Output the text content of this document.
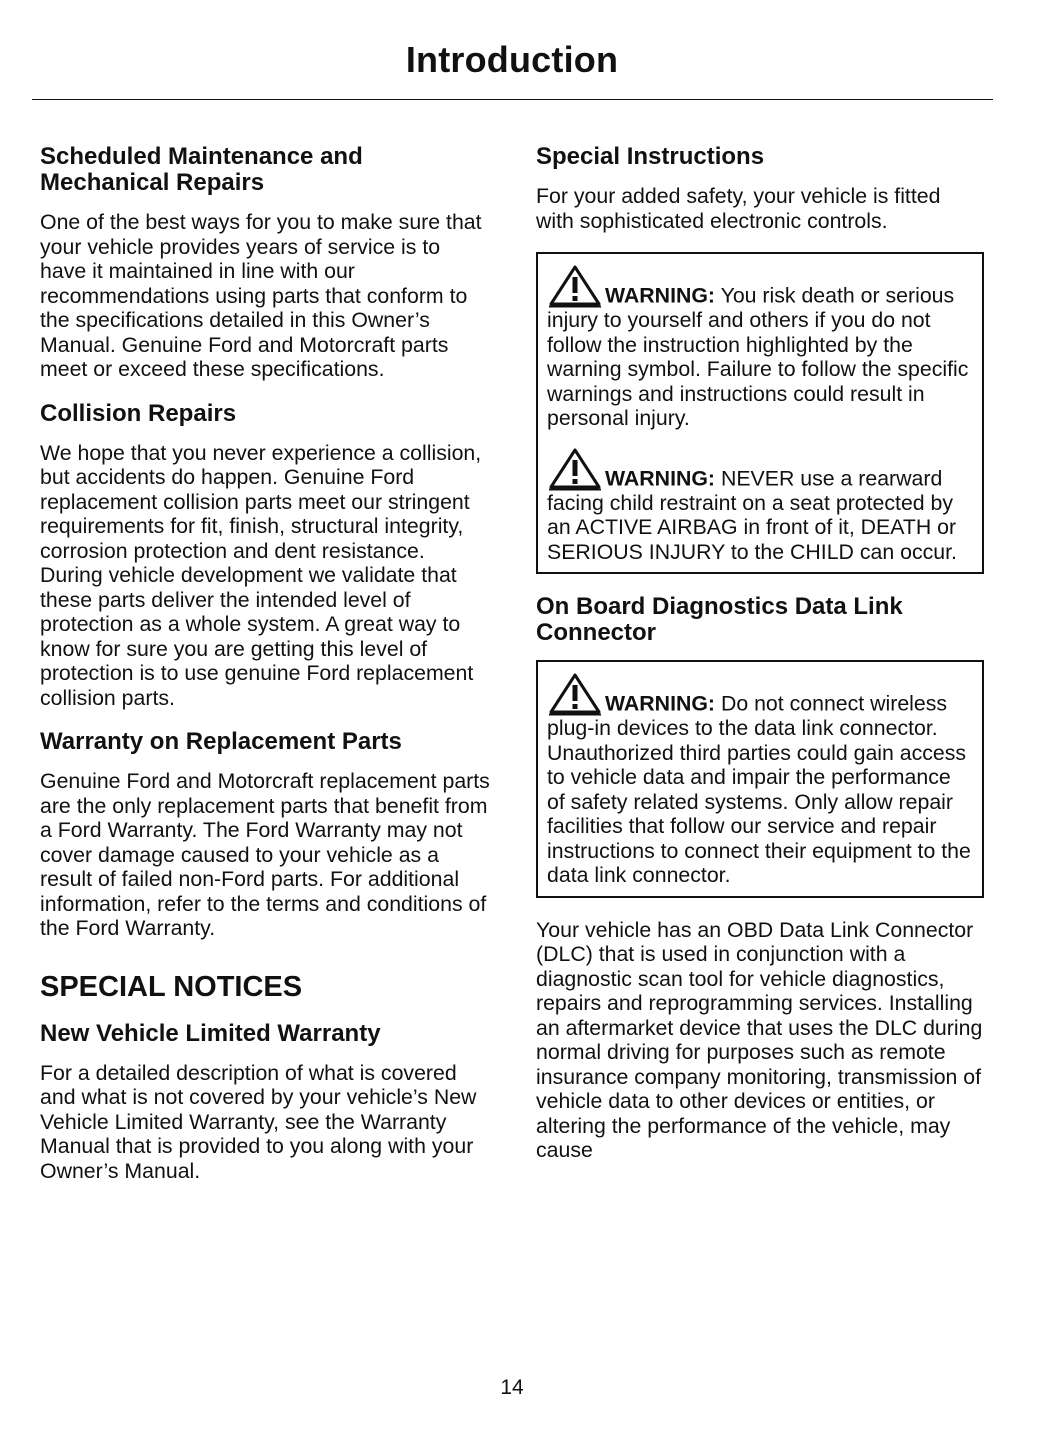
Introduction
Scheduled Maintenance and Mechanical Repairs

One of the best ways for you to make sure that your vehicle provides years of service is to have it maintained in line with our recommendations using parts that conform to the specifications detailed in this Owner’s Manual. Genuine Ford and Motorcraft parts meet or exceed these specifications.

Collision Repairs

We hope that you never experience a collision, but accidents do happen. Genuine Ford replacement collision parts meet our stringent requirements for fit, finish, structural integrity, corrosion protection and dent resistance. During vehicle development we validate that these parts deliver the intended level of protection as a whole system. A great way to know for sure you are getting this level of protection is to use genuine Ford replacement collision parts.

Warranty on Replacement Parts

Genuine Ford and Motorcraft replacement parts are the only replacement parts that benefit from a Ford Warranty. The Ford Warranty may not cover damage caused to your vehicle as a result of failed non-Ford parts. For additional information, refer to the terms and conditions of the Ford Warranty.

SPECIAL NOTICES
New Vehicle Limited Warranty

For a detailed description of what is covered and what is not covered by your vehicle’s New Vehicle Limited Warranty, see the Warranty Manual that is provided to you along with your Owner’s Manual.

Special Instructions

For your added safety, your vehicle is fitted with sophisticated electronic controls.

WARNING: You risk death or serious injury to yourself and others if you do not follow the instruction highlighted by the warning symbol. Failure to follow the specific warnings and instructions could result in personal injury.
WARNING: NEVER use a rearward facing child restraint on a seat protected by an ACTIVE AIRBAG in front of it, DEATH or SERIOUS INJURY to the CHILD can occur.
On Board Diagnostics Data Link Connector
WARNING: Do not connect wireless plug-in devices to the data link connector. Unauthorized third parties could gain access to vehicle data and impair the performance of safety related systems. Only allow repair facilities that follow our service and repair instructions to connect their equipment to the data link connector.

Your vehicle has an OBD Data Link Connector (DLC) that is used in conjunction with a diagnostic scan tool for vehicle diagnostics, repairs and reprogramming services. Installing an aftermarket device that uses the DLC during normal driving for purposes such as remote insurance company monitoring, transmission of vehicle data to other devices or entities, or altering the performance of the vehicle, may cause

14
